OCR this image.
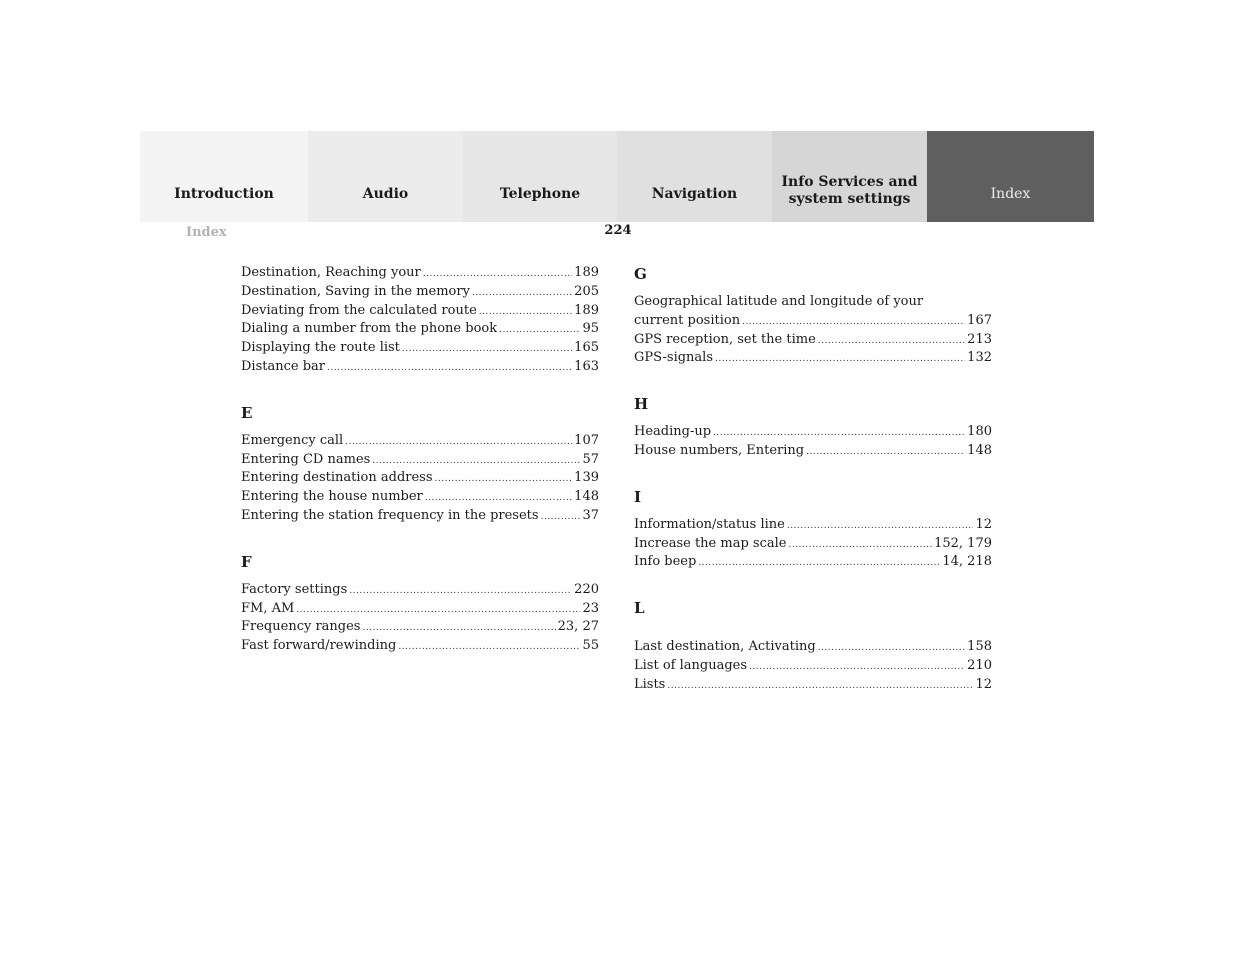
Introduction	Audio	Telephone	Navigation
Info Services and
system settings	Index
Index	224
Destination, Reaching your .....	189
Destination, Saving in the memory .....	205
Deviating from the calculated route .....	189
Dialing a number from the phone book .....	95
Displaying the route list .....	165
Distance bar .....	163
E
Emergency call .....	107
Entering CD names .....	57
Entering destination address .....	139
Entering the house number .....	148
Entering the station frequency in the presets .....	37
F
Factory settings .....	220
FM, AM .....	23
Frequency ranges .....	23, 27
Fast forward/rewinding .....	55
G
Geographical latitude and longitude of your
current position .....	167
GPS reception, set the time .....	213
GPS-signals .....	132
H
Heading-up .....	180
House numbers, Entering .....	148
I
Information/status line .....	12
Increase the map scale .....	152, 179
Info beep .....	14, 218
L
Last destination, Activating .....	158
List of languages .....	210
Lists .....	12
